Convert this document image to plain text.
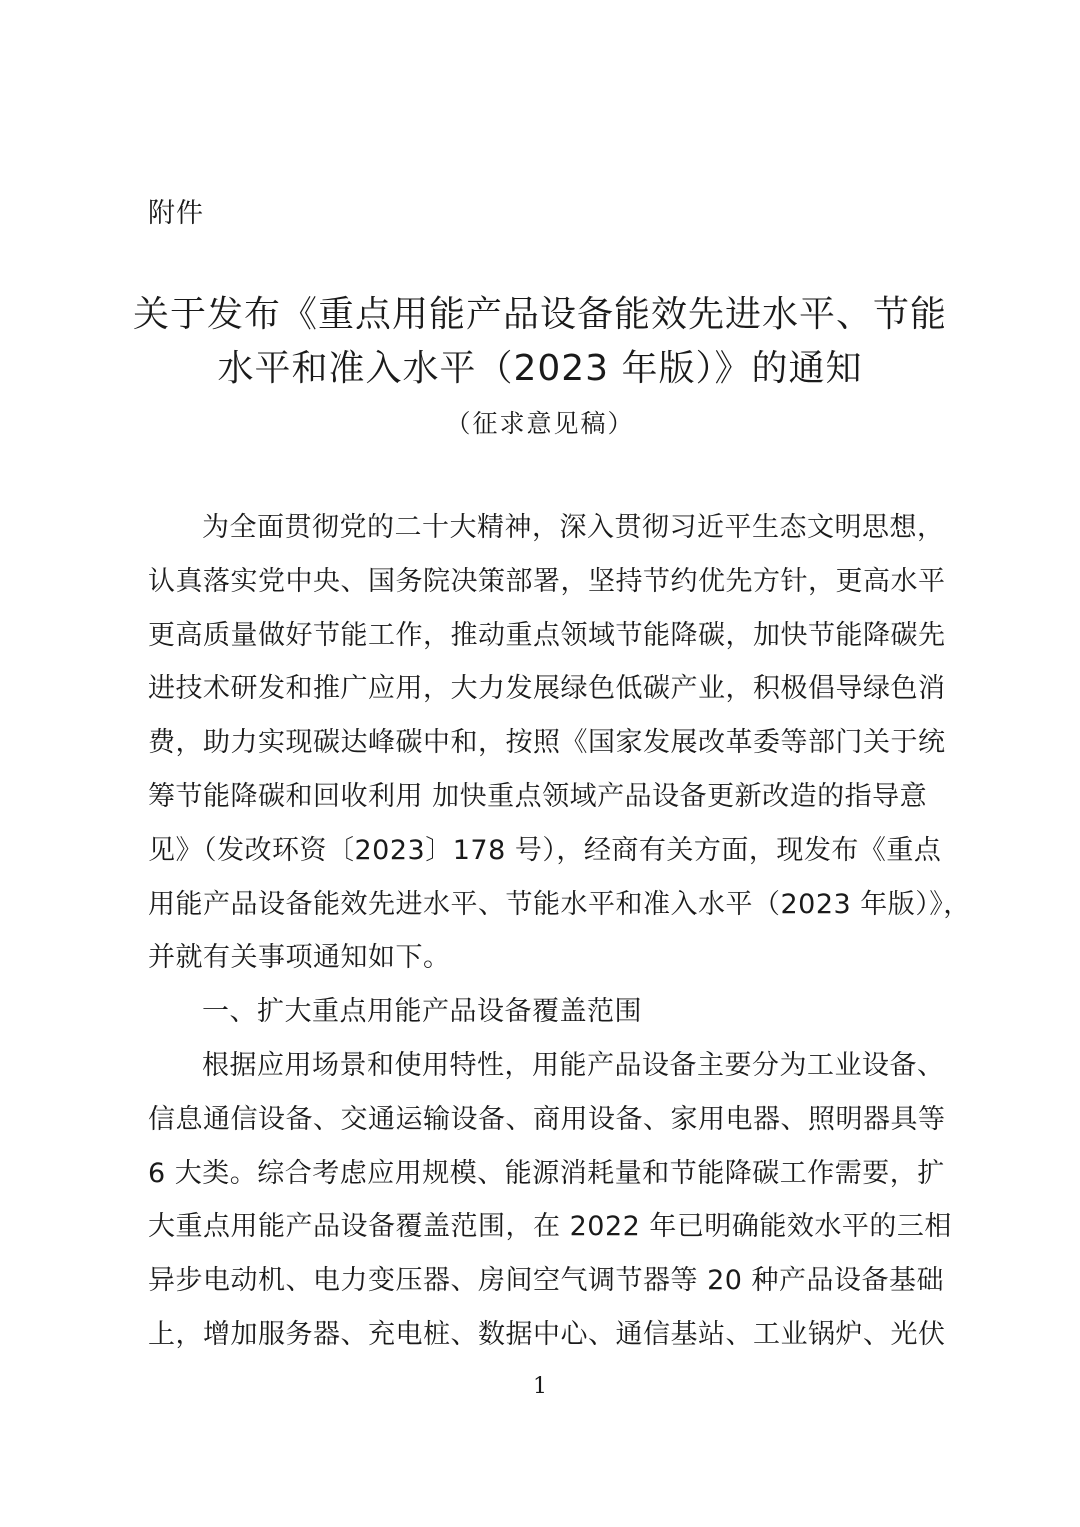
附件
关于发布《重点用能产品设备能效先进水平、节能
水平和准入水平（2023 年版）》的通知
（征求意见稿）
为全面贯彻党的二十大精神，深入贯彻习近平生态文明思想，
认真落实党中央、国务院决策部署，坚持节约优先方针，更高水平
更高质量做好节能工作，推动重点领域节能降碳，加快节能降碳先
进技术研发和推广应用，大力发展绿色低碳产业，积极倡导绿色消
费，助力实现碳达峰碳中和，按照《国家发展改革委等部门关于统
筹节能降碳和回收利用 加快重点领域产品设备更新改造的指导意
见》（发改环资〔2023〕178 号），经商有关方面，现发布《重点
用能产品设备能效先进水平、节能水平和准入水平（2023 年版）》，
并就有关事项通知如下。
一、扩大重点用能产品设备覆盖范围
根据应用场景和使用特性，用能产品设备主要分为工业设备、
信息通信设备、交通运输设备、商用设备、家用电器、照明器具等
6 大类。综合考虑应用规模、能源消耗量和节能降碳工作需要，扩
大重点用能产品设备覆盖范围，在 2022 年已明确能效水平的三相
异步电动机、电力变压器、房间空气调节器等 20 种产品设备基础
上，增加服务器、充电桩、数据中心、通信基站、工业锅炉、光伏
1
